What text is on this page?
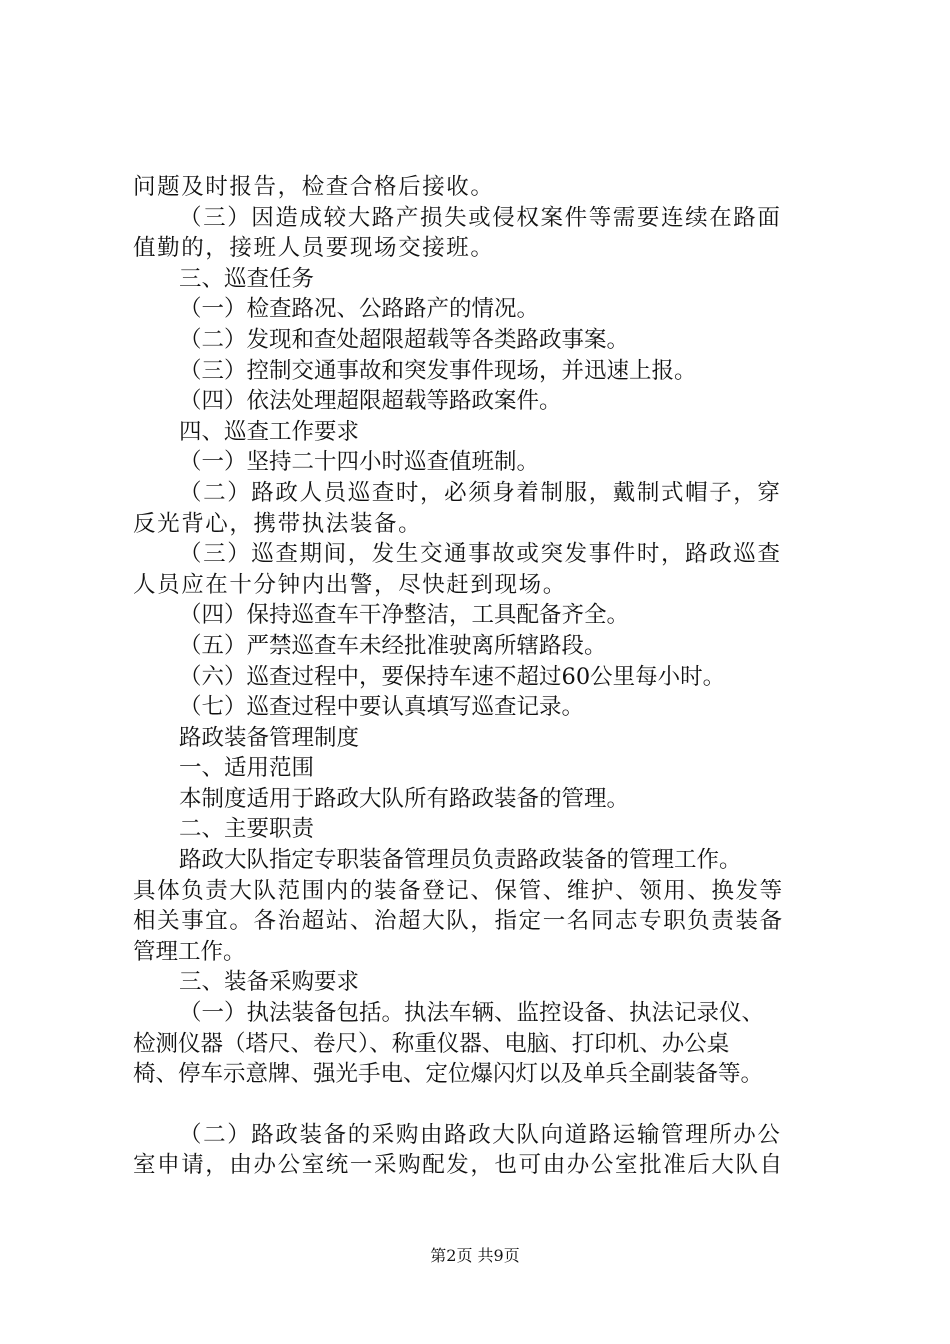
问题及时报告，检查合格后接收。
（三）因造成较大路产损失或侵权案件等需要连续在路面
值勤的，接班人员要现场交接班。
三、巡查任务
（一）检查路况、公路路产的情况。
（二）发现和查处超限超载等各类路政事案。
（三）控制交通事故和突发事件现场，并迅速上报。
（四）依法处理超限超载等路政案件。
四、巡查工作要求
（一）坚持二十四小时巡查值班制。
（二）路政人员巡查时，必须身着制服，戴制式帽子，穿
反光背心，携带执法装备。
（三）巡查期间，发生交通事故或突发事件时，路政巡查
人员应在十分钟内出警，尽快赶到现场。
（四）保持巡查车干净整洁，工具配备齐全。
（五）严禁巡查车未经批准驶离所辖路段。
（六）巡查过程中，要保持车速不超过60公里每小时。
（七）巡查过程中要认真填写巡查记录。
路政装备管理制度
一、适用范围
本制度适用于路政大队所有路政装备的管理。
二、主要职责
路政大队指定专职装备管理员负责路政装备的管理工作。
具体负责大队范围内的装备登记、保管、维护、领用、换发等
相关事宜。各治超站、治超大队，指定一名同志专职负责装备
管理工作。
三、装备采购要求
（一）执法装备包括。执法车辆、监控设备、执法记录仪、
检测仪器（塔尺、卷尺）、称重仪器、电脑、打印机、办公桌
椅、停车示意牌、强光手电、定位爆闪灯以及单兵全副装备等。
（二）路政装备的采购由路政大队向道路运输管理所办公
室申请，由办公室统一采购配发，也可由办公室批准后大队自
第2页 共9页
